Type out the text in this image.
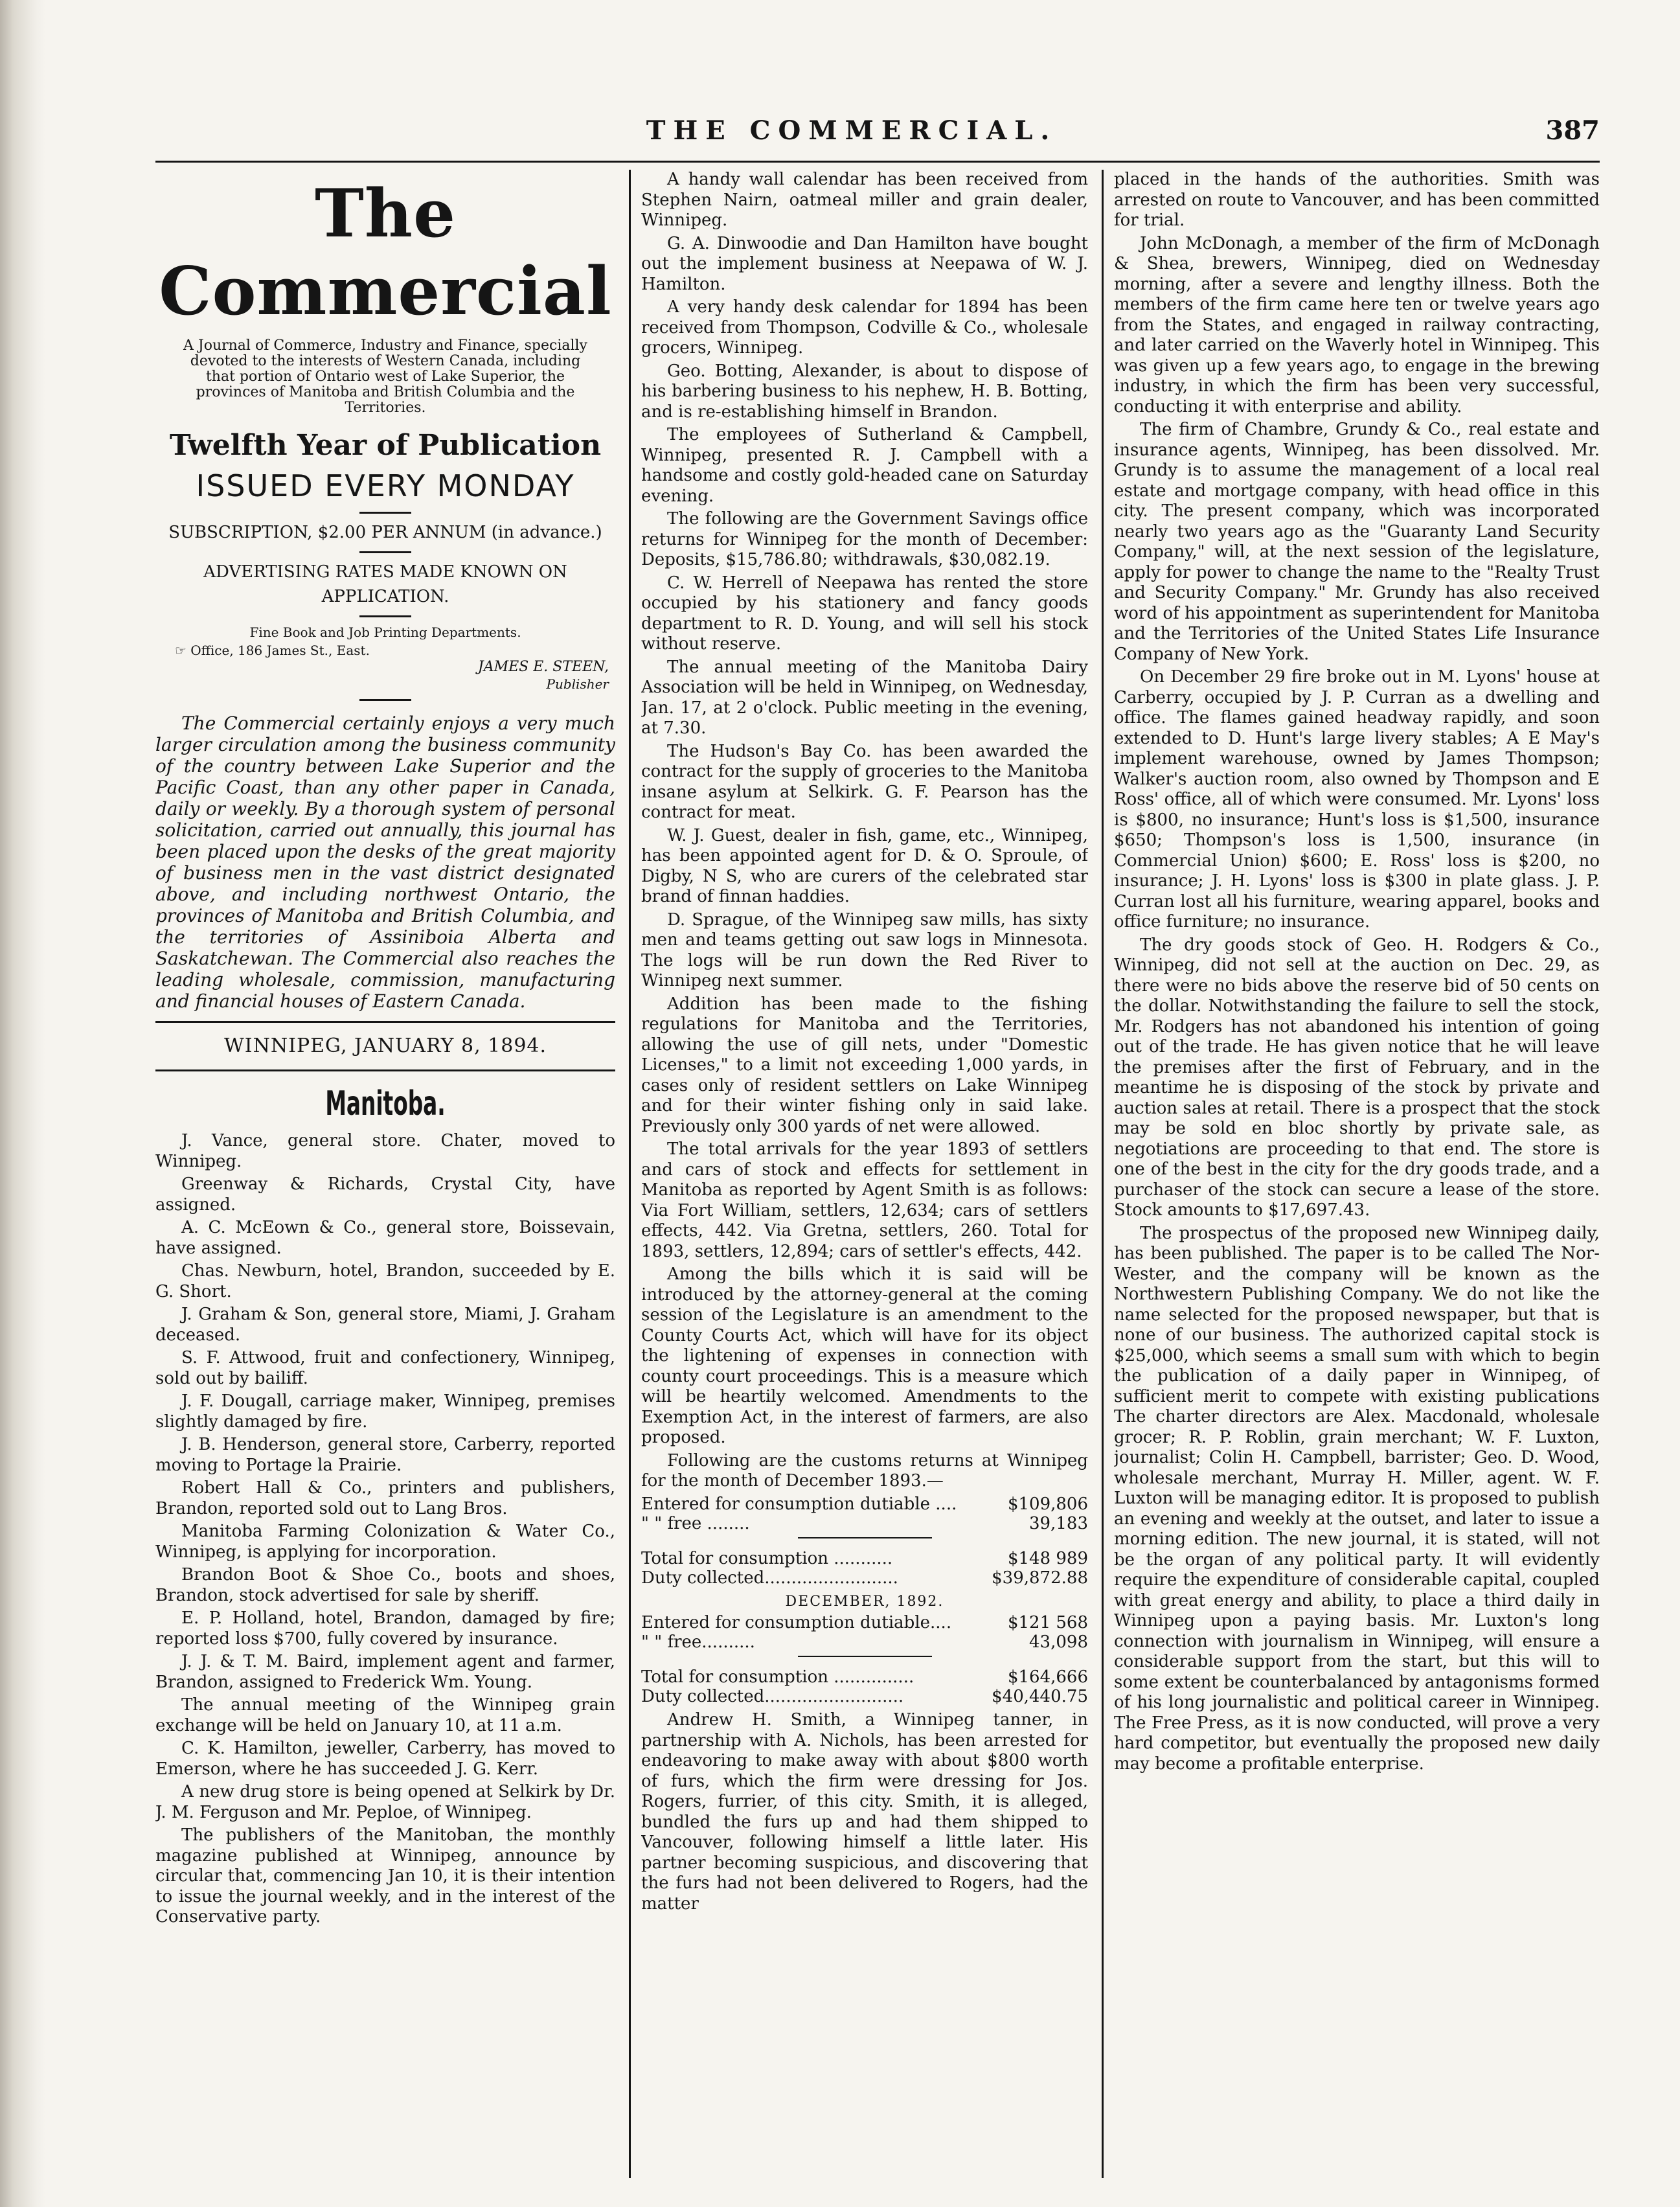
THE COMMERCIAL.	387
The Commercial
A Journal of Commerce, Industry and Finance, specially devoted to the interests of Western Canada, including that portion of Ontario west of Lake Superior, the provinces of Manitoba and British Columbia and the Territories.
Twelfth Year of Publication
ISSUED EVERY MONDAY
SUBSCRIPTION, $2.00 PER ANNUM (in advance.)
ADVERTISING RATES MADE KNOWN ON APPLICATION.
Fine Book and Job Printing Departments.
☞ Office, 186 James St., East.
JAMES E. STEEN,
Publisher
The Commercial certainly enjoys a very much larger circulation among the business community of the country between Lake Superior and the Pacific Coast, than any other paper in Canada, daily or weekly. By a thorough system of personal solicitation, carried out annually, this journal has been placed upon the desks of the great majority of business men in the vast district designated above, and including northwest Ontario, the provinces of Manitoba and British Columbia, and the territories of Assiniboia Alberta and Saskatchewan. The Commercial also reaches the leading wholesale, commission, manufacturing and financial houses of Eastern Canada.
WINNIPEG, JANUARY 8, 1894.
Manitoba.

J. Vance, general store. Chater, moved to Winnipeg.

Greenway & Richards, Crystal City, have assigned.

A. C. McEown & Co., general store, Boissevain, have assigned.

Chas. Newburn, hotel, Brandon, succeeded by E. G. Short.

J. Graham & Son, general store, Miami, J. Graham deceased.

S. F. Attwood, fruit and confectionery, Winnipeg, sold out by bailiff.

J. F. Dougall, carriage maker, Winnipeg, premises slightly damaged by fire.

J. B. Henderson, general store, Carberry, reported moving to Portage la Prairie.

Robert Hall & Co., printers and publishers, Brandon, reported sold out to Lang Bros.

Manitoba Farming Colonization & Water Co., Winnipeg, is applying for incorporation.

Brandon Boot & Shoe Co., boots and shoes, Brandon, stock advertised for sale by sheriff.

E. P. Holland, hotel, Brandon, damaged by fire; reported loss $700, fully covered by insurance.

J. J. & T. M. Baird, implement agent and farmer, Brandon, assigned to Frederick Wm. Young.

The annual meeting of the Winnipeg grain exchange will be held on January 10, at 11 a.m.

C. K. Hamilton, jeweller, Carberry, has moved to Emerson, where he has succeeded J. G. Kerr.

A new drug store is being opened at Selkirk by Dr. J. M. Ferguson and Mr. Peploe, of Winnipeg.

The publishers of the Manitoban, the monthly magazine published at Winnipeg, announce by circular that, commencing Jan 10, it is their intention to issue the journal weekly, and in the interest of the Conservative party.

A handy wall calendar has been received from Stephen Nairn, oatmeal miller and grain dealer, Winnipeg.

G. A. Dinwoodie and Dan Hamilton have bought out the implement business at Neepawa of W. J. Hamilton.

A very handy desk calendar for 1894 has been received from Thompson, Codville & Co., wholesale grocers, Winnipeg.

Geo. Botting, Alexander, is about to dispose of his barbering business to his nephew, H. B. Botting, and is re-establishing himself in Brandon.

The employees of Sutherland & Campbell, Winnipeg, presented R. J. Campbell with a handsome and costly gold-headed cane on Saturday evening.

The following are the Government Savings office returns for Winnipeg for the month of December: Deposits, $15,786.80; withdrawals, $30,082.19.

C. W. Herrell of Neepawa has rented the store occupied by his stationery and fancy goods department to R. D. Young, and will sell his stock without reserve.

The annual meeting of the Manitoba Dairy Association will be held in Winnipeg, on Wednesday, Jan. 17, at 2 o'clock. Public meeting in the evening, at 7.30.

The Hudson's Bay Co. has been awarded the contract for the supply of groceries to the Manitoba insane asylum at Selkirk. G. F. Pearson has the contract for meat.

W. J. Guest, dealer in fish, game, etc., Winnipeg, has been appointed agent for D. & O. Sproule, of Digby, N S, who are curers of the celebrated star brand of finnan haddies.

D. Sprague, of the Winnipeg saw mills, has sixty men and teams getting out saw logs in Minnesota. The logs will be run down the Red River to Winnipeg next summer.

Addition has been made to the fishing regulations for Manitoba and the Territories, allowing the use of gill nets, under "Domestic Licenses," to a limit not exceeding 1,000 yards, in cases only of resident settlers on Lake Winnipeg and for their winter fishing only in said lake. Previously only 300 yards of net were allowed.

The total arrivals for the year 1893 of settlers and cars of stock and effects for settlement in Manitoba as reported by Agent Smith is as follows: Via Fort William, settlers, 12,634; cars of settlers effects, 442. Via Gretna, settlers, 260. Total for 1893, settlers, 12,894; cars of settler's effects, 442.

Among the bills which it is said will be introduced by the attorney-general at the coming session of the Legislature is an amendment to the County Courts Act, which will have for its object the lightening of expenses in connection with county court proceedings. This is a measure which will be heartily welcomed. Amendments to the Exemption Act, in the interest of farmers, are also proposed.

Following are the customs returns at Winnipeg for the month of December 1893.—

Entered for consumption dutiable ....	$109,806
" " free ........	39,183
Total for consumption ...........	$148 989
Duty collected.........................	$39,872.88
DECEMBER, 1892.
Entered for consumption dutiable....	$121 568
" " free..........	43,098
Total for consumption ...............	$164,666
Duty collected..........................	$40,440.75

Andrew H. Smith, a Winnipeg tanner, in partnership with A. Nichols, has been arrested for endeavoring to make away with about $800 worth of furs, which the firm were dressing for Jos. Rogers, furrier, of this city. Smith, it is alleged, bundled the furs up and had them shipped to Vancouver, following himself a little later. His partner becoming suspicious, and discovering that the furs had not been delivered to Rogers, had the matter

placed in the hands of the authorities. Smith was arrested on route to Vancouver, and has been committed for trial.

John McDonagh, a member of the firm of McDonagh & Shea, brewers, Winnipeg, died on Wednesday morning, after a severe and lengthy illness. Both the members of the firm came here ten or twelve years ago from the States, and engaged in railway contracting, and later carried on the Waverly hotel in Winnipeg. This was given up a few years ago, to engage in the brewing industry, in which the firm has been very successful, conducting it with enterprise and ability.

The firm of Chambre, Grundy & Co., real estate and insurance agents, Winnipeg, has been dissolved. Mr. Grundy is to assume the management of a local real estate and mortgage company, with head office in this city. The present company, which was incorporated nearly two years ago as the "Guaranty Land Security Company," will, at the next session of the legislature, apply for power to change the name to the "Realty Trust and Security Company." Mr. Grundy has also received word of his appointment as superintendent for Manitoba and the Territories of the United States Life Insurance Company of New York.

On December 29 fire broke out in M. Lyons' house at Carberry, occupied by J. P. Curran as a dwelling and office. The flames gained headway rapidly, and soon extended to D. Hunt's large livery stables; A E May's implement warehouse, owned by James Thompson; Walker's auction room, also owned by Thompson and E Ross' office, all of which were consumed. Mr. Lyons' loss is $800, no insurance; Hunt's loss is $1,500, insurance $650; Thompson's loss is 1,500, insurance (in Commercial Union) $600; E. Ross' loss is $200, no insurance; J. H. Lyons' loss is $300 in plate glass. J. P. Curran lost all his furniture, wearing apparel, books and office furniture; no insurance.

The dry goods stock of Geo. H. Rodgers & Co., Winnipeg, did not sell at the auction on Dec. 29, as there were no bids above the reserve bid of 50 cents on the dollar. Notwithstanding the failure to sell the stock, Mr. Rodgers has not abandoned his intention of going out of the trade. He has given notice that he will leave the premises after the first of February, and in the meantime he is disposing of the stock by private and auction sales at retail. There is a prospect that the stock may be sold en bloc shortly by private sale, as negotiations are proceeding to that end. The store is one of the best in the city for the dry goods trade, and a purchaser of the stock can secure a lease of the store. Stock amounts to $17,697.43.

The prospectus of the proposed new Winnipeg daily, has been published. The paper is to be called The Nor-Wester, and the company will be known as the Northwestern Publishing Company. We do not like the name selected for the proposed newspaper, but that is none of our business. The authorized capital stock is $25,000, which seems a small sum with which to begin the publication of a daily paper in Winnipeg, of sufficient merit to compete with existing publications The charter directors are Alex. Macdonald, wholesale grocer; R. P. Roblin, grain merchant; W. F. Luxton, journalist; Colin H. Campbell, barrister; Geo. D. Wood, wholesale merchant, Murray H. Miller, agent. W. F. Luxton will be managing editor. It is proposed to publish an evening and weekly at the outset, and later to issue a morning edition. The new journal, it is stated, will not be the organ of any political party. It will evidently require the expenditure of considerable capital, coupled with great energy and ability, to place a third daily in Winnipeg upon a paying basis. Mr. Luxton's long connection with journalism in Winnipeg, will ensure a considerable support from the start, but this will to some extent be counterbalanced by antagonisms formed of his long journalistic and political career in Winnipeg. The Free Press, as it is now conducted, will prove a very hard competitor, but eventually the proposed new daily may become a profitable enterprise.
